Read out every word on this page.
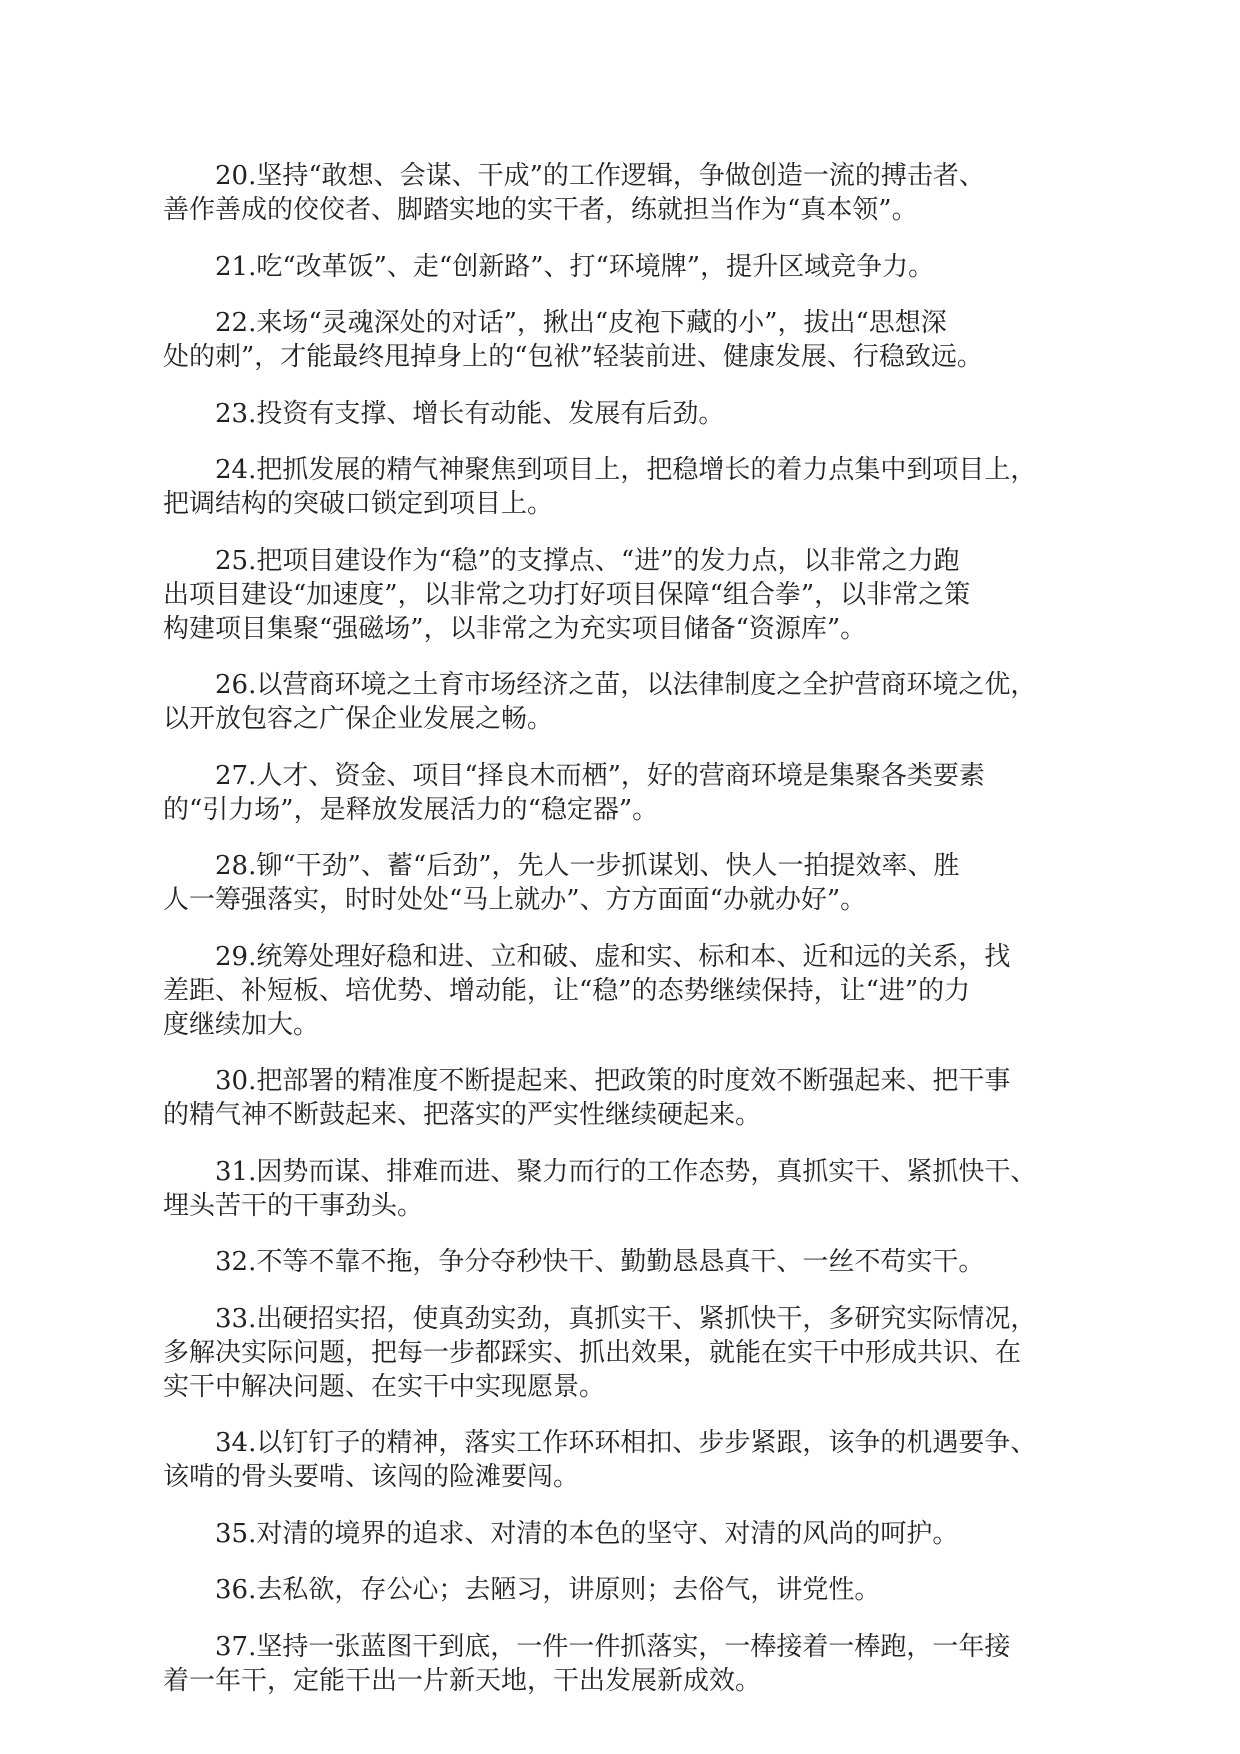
20.坚持“敢想、会谋、干成”的工作逻辑，争做创造一流的搏击者、
善作善成的佼佼者、脚踏实地的实干者，练就担当作为“真本领”。

21.吃“改革饭”、走“创新路”、打“环境牌”，提升区域竞争力。

22.来场“灵魂深处的对话”，揪出“皮袍下藏的小”，拔出“思想深
处的刺”，才能最终甩掉身上的“包袱”轻装前进、健康发展、行稳致远。

23.投资有支撑、增长有动能、发展有后劲。

24.把抓发展的精气神聚焦到项目上，把稳增长的着力点集中到项目上，
把调结构的突破口锁定到项目上。

25.把项目建设作为“稳”的支撑点、“进”的发力点，以非常之力跑
出项目建设“加速度”，以非常之功打好项目保障“组合拳”，以非常之策
构建项目集聚“强磁场”，以非常之为充实项目储备“资源库”。

26.以营商环境之土育市场经济之苗，以法律制度之全护营商环境之优，
以开放包容之广保企业发展之畅。

27.人才、资金、项目“择良木而栖”，好的营商环境是集聚各类要素
的“引力场”，是释放发展活力的“稳定器”。

28.铆“干劲”、蓄“后劲”，先人一步抓谋划、快人一拍提效率、胜
人一筹强落实，时时处处“马上就办”、方方面面“办就办好”。

29.统筹处理好稳和进、立和破、虚和实、标和本、近和远的关系，找
差距、补短板、培优势、增动能，让“稳”的态势继续保持，让“进”的力
度继续加大。

30.把部署的精准度不断提起来、把政策的时度效不断强起来、把干事
的精气神不断鼓起来、把落实的严实性继续硬起来。

31.因势而谋、排难而进、聚力而行的工作态势，真抓实干、紧抓快干、
埋头苦干的干事劲头。

32.不等不靠不拖，争分夺秒快干、勤勤恳恳真干、一丝不苟实干。

33.出硬招实招，使真劲实劲，真抓实干、紧抓快干，多研究实际情况，
多解决实际问题，把每一步都踩实、抓出效果，就能在实干中形成共识、在
实干中解决问题、在实干中实现愿景。

34.以钉钉子的精神，落实工作环环相扣、步步紧跟，该争的机遇要争、
该啃的骨头要啃、该闯的险滩要闯。

35.对清的境界的追求、对清的本色的坚守、对清的风尚的呵护。

36.去私欲，存公心；去陋习，讲原则；去俗气，讲党性。

37.坚持一张蓝图干到底，一件一件抓落实，一棒接着一棒跑，一年接
着一年干，定能干出一片新天地，干出发展新成效。
